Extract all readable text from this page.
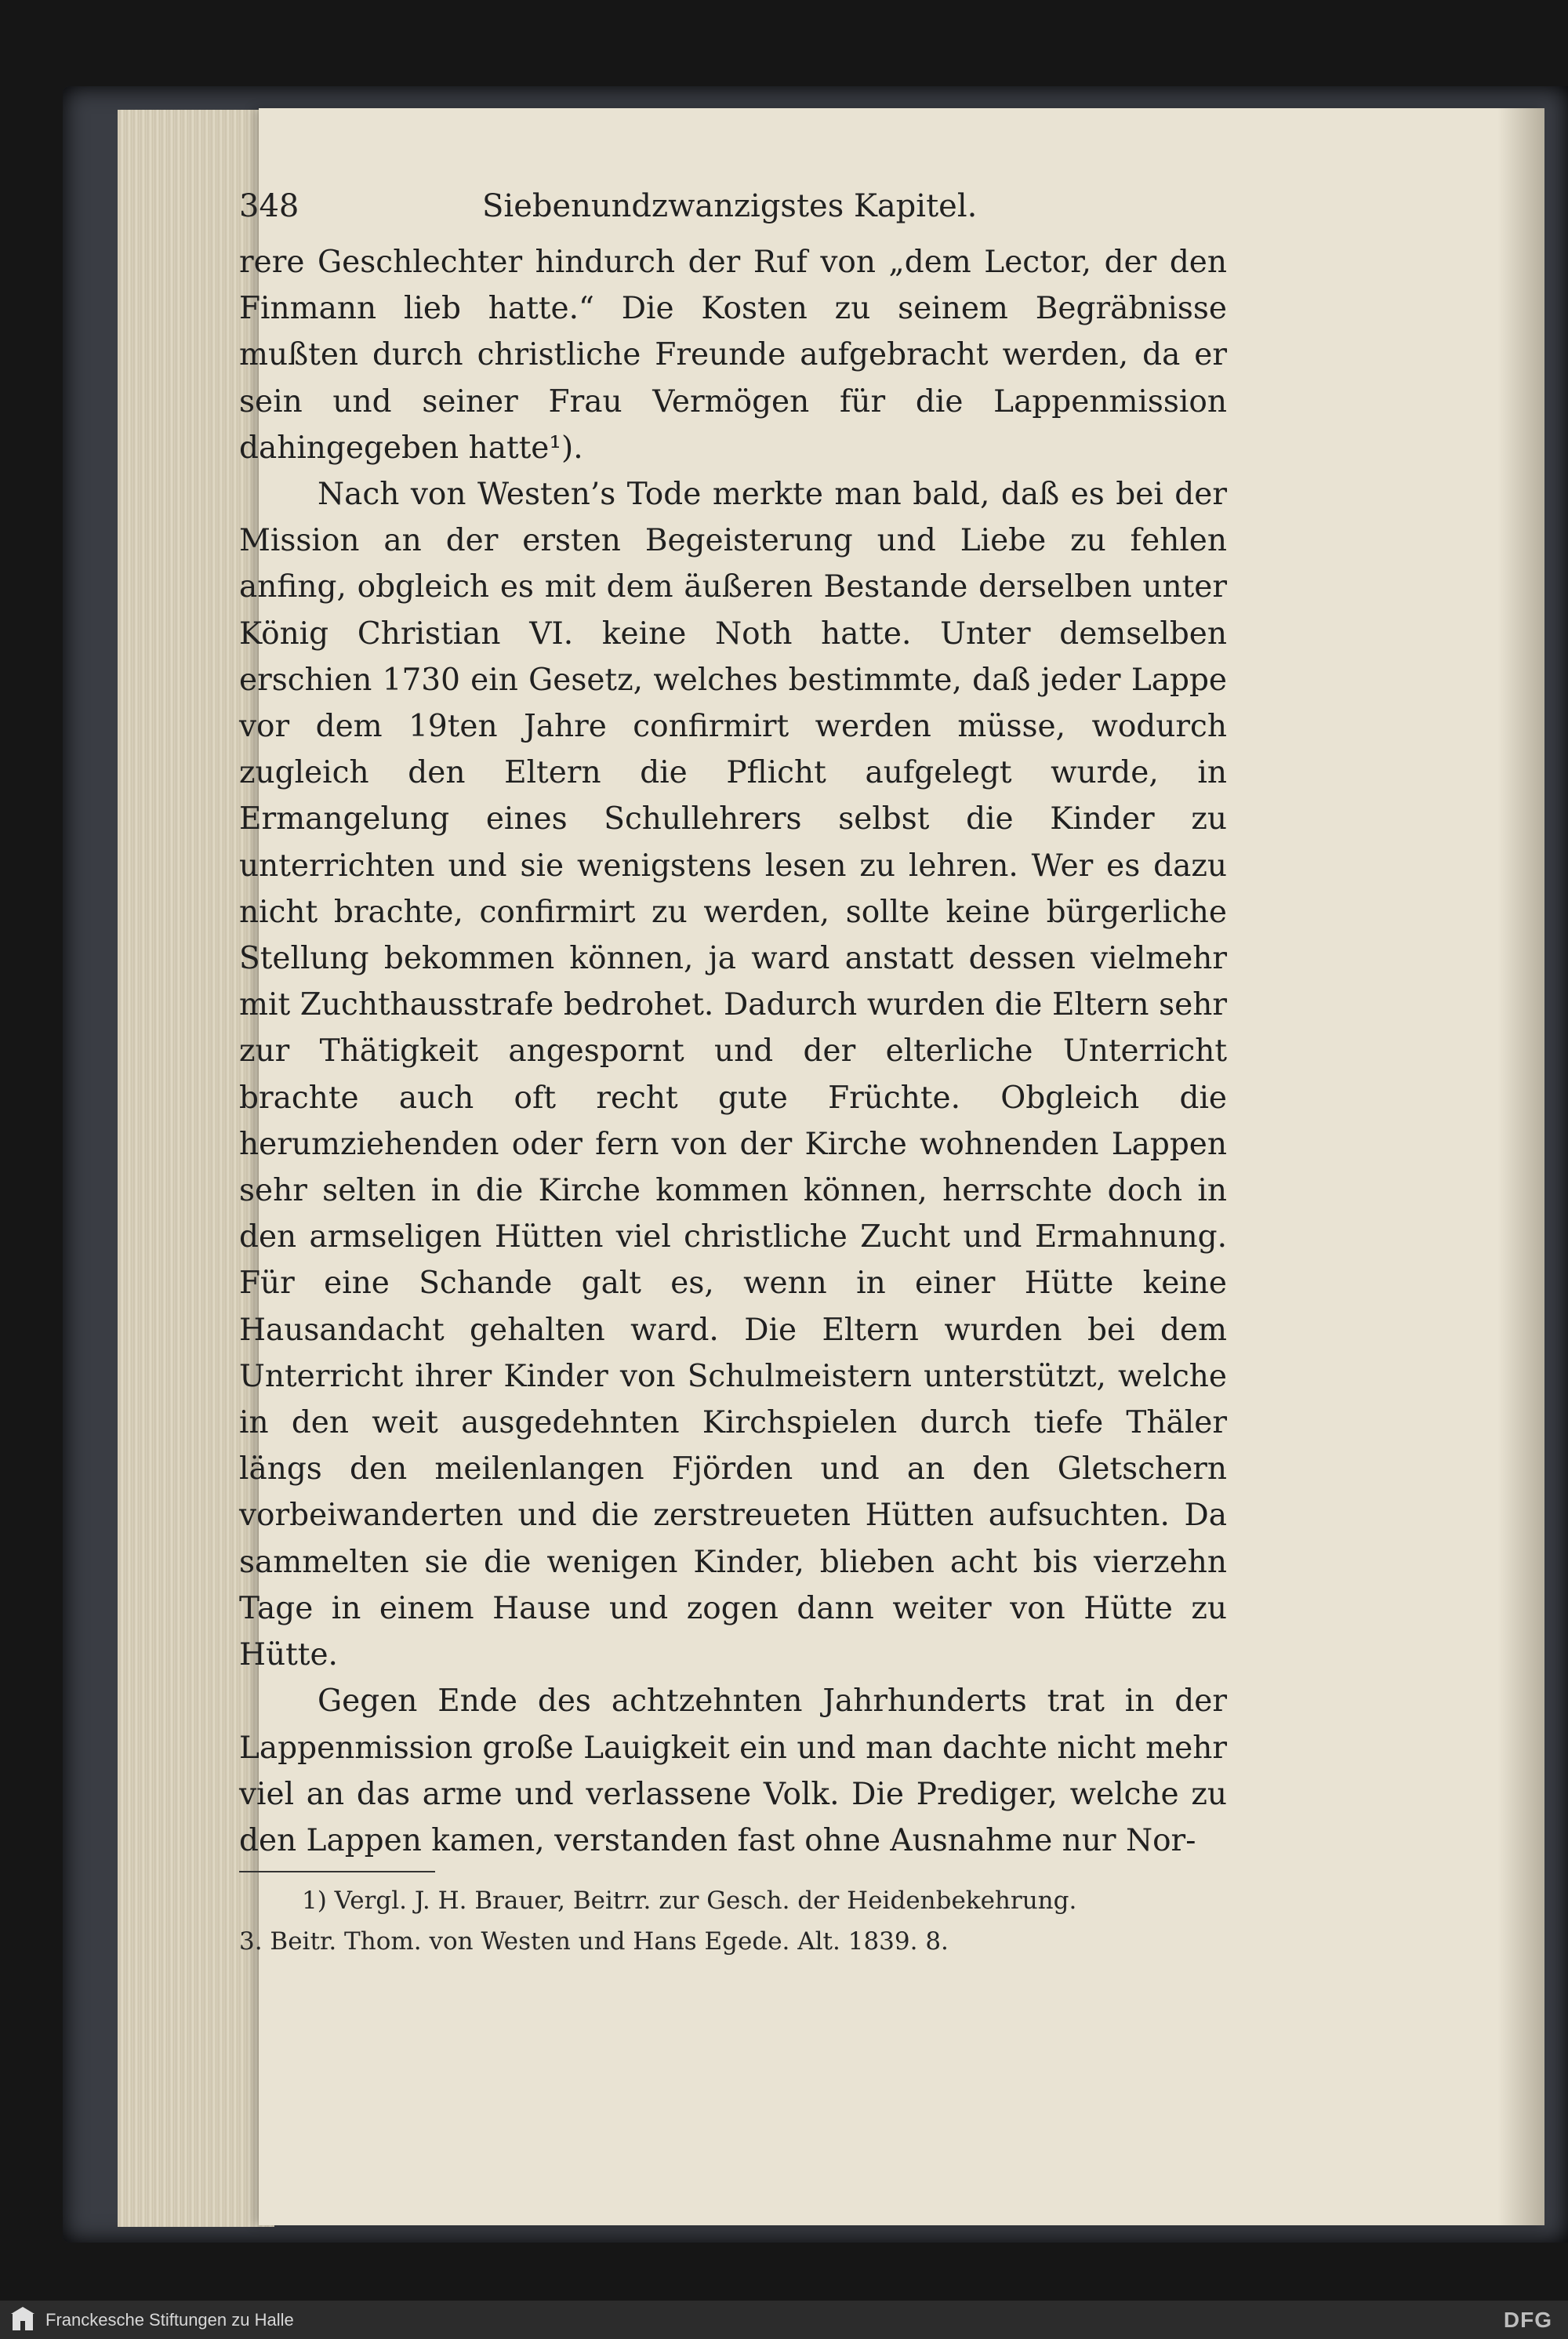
348	Siebenundzwanzigstes Kapitel.

rere Geschlechter hindurch der Ruf von „dem Lector, der den Finmann lieb hatte.“ Die Kosten zu seinem Begräbnisse mußten durch christliche Freunde aufgebracht werden, da er sein und seiner Frau Vermögen für die Lappenmission dahingegeben hatte¹).

Nach von Westen’s Tode merkte man bald, daß es bei der Mission an der ersten Begeisterung und Liebe zu fehlen anfing, obgleich es mit dem äußeren Bestande derselben unter König Christian VI. keine Noth hatte. Unter demselben erschien 1730 ein Gesetz, welches bestimmte, daß jeder Lappe vor dem 19ten Jahre confirmirt werden müsse, wodurch zugleich den Eltern die Pflicht aufgelegt wurde, in Ermangelung eines Schullehrers selbst die Kinder zu unterrichten und sie wenigstens lesen zu lehren. Wer es dazu nicht brachte, confirmirt zu werden, sollte keine bürgerliche Stellung bekommen können, ja ward anstatt dessen vielmehr mit Zuchthausstrafe bedrohet. Dadurch wurden die Eltern sehr zur Thätigkeit angespornt und der elterliche Unterricht brachte auch oft recht gute Früchte. Obgleich die herumziehenden oder fern von der Kirche wohnenden Lappen sehr selten in die Kirche kommen können, herrschte doch in den armseligen Hütten viel christliche Zucht und Ermahnung. Für eine Schande galt es, wenn in einer Hütte keine Hausandacht gehalten ward. Die Eltern wurden bei dem Unterricht ihrer Kinder von Schulmeistern unterstützt, welche in den weit ausgedehnten Kirchspielen durch tiefe Thäler längs den meilenlangen Fjörden und an den Gletschern vorbeiwanderten und die zerstreueten Hütten aufsuchten. Da sammelten sie die wenigen Kinder, blieben acht bis vierzehn Tage in einem Hause und zogen dann weiter von Hütte zu Hütte.

Gegen Ende des achtzehnten Jahrhunderts trat in der Lappenmission große Lauigkeit ein und man dachte nicht mehr viel an das arme und verlassene Volk. Die Prediger, welche zu den Lappen kamen, verstanden fast ohne Ausnahme nur Nor-

1) Vergl. J. H. Brauer, Beitrr. zur Gesch. der Heidenbekehrung.

3. Beitr. Thom. von Westen und Hans Egede. Alt. 1839. 8.

Franckesche Stiftungen zu Halle	DFG
